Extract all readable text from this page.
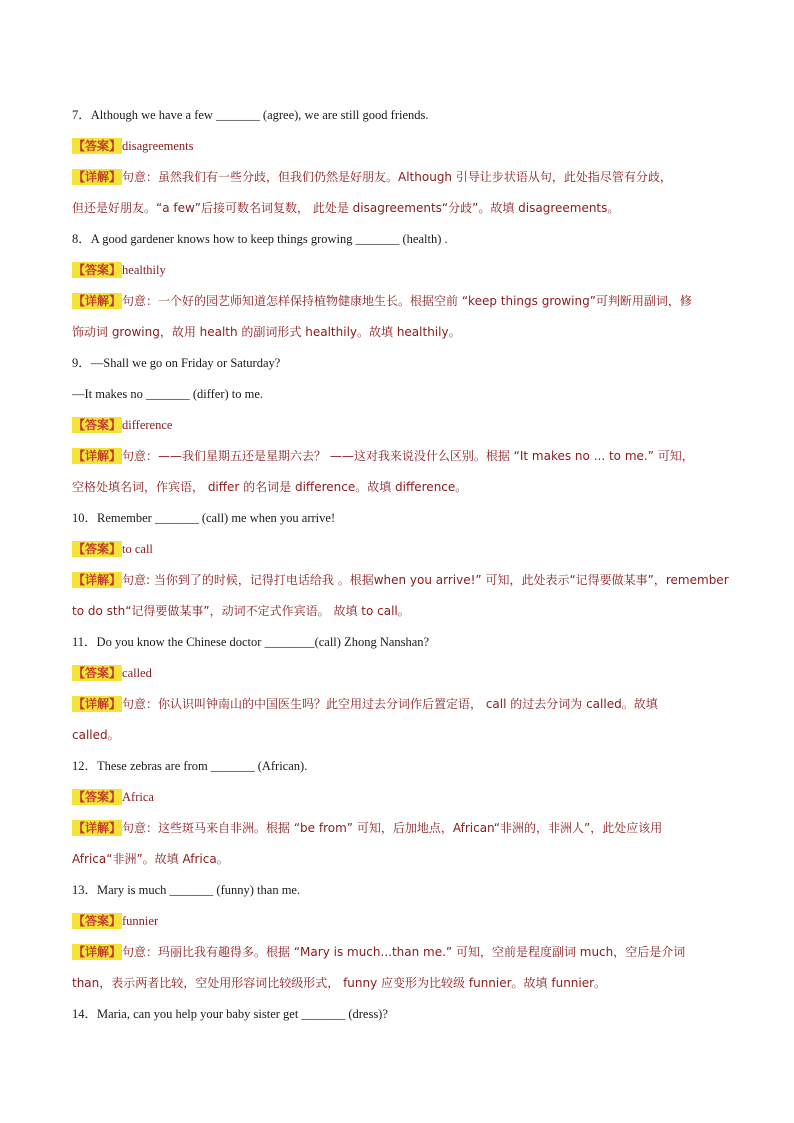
7．Although we have a few _______ (agree), we are still good friends.
【答案】disagreements
【详解】句意：虽然我们有一些分歧，但我们仍然是好朋友。Although 引导让步状语从句，此处指尽管有分歧，
但还是好朋友。“a few”后接可数名词复数， 此处是 disagreements“分歧”。故填 disagreements。
8．A good gardener knows how to keep things growing _______ (health) .
【答案】healthily
【详解】句意：一个好的园艺师知道怎样保持植物健康地生长。根据空前 “keep things growing”可判断用副词，修
饰动词 growing，故用 health 的副词形式 healthily。故填 healthily。
9．—Shall we go on Friday or Saturday?
—It makes no _______ (differ) to me.
【答案】difference
【详解】句意：——我们星期五还是星期六去？ ——这对我来说没什么区别。根据 “It makes no ... to me.” 可知，
空格处填名词，作宾语， differ 的名词是 difference。故填 difference。
10．Remember _______ (call) me when you arrive!
【答案】to call
【详解】句意: 当你到了的时候，记得打电话给我 。根据when you arrive!” 可知，此处表示“记得要做某事”，remember
to do sth“记得要做某事”，动词不定式作宾语。 故填 to call。
11．Do you know the Chinese doctor ________(call) Zhong Nanshan?
【答案】called
【详解】句意：你认识叫钟南山的中国医生吗？此空用过去分词作后置定语， call 的过去分词为 called。故填
called。
12．These zebras are from _______ (African).
【答案】Africa
【详解】句意：这些斑马来自非洲。根据 “be from” 可知，后加地点，African“非洲的，非洲人”，此处应该用
Africa“非洲”。故填 Africa。
13．Mary is much _______ (funny) than me.
【答案】funnier
【详解】句意：玛丽比我有趣得多。根据 “Mary is much...than me.” 可知，空前是程度副词 much，空后是介词
than，表示两者比较，空处用形容词比较级形式， funny 应变形为比较级 funnier。故填 funnier。
14．Maria, can you help your baby sister get _______ (dress)?
